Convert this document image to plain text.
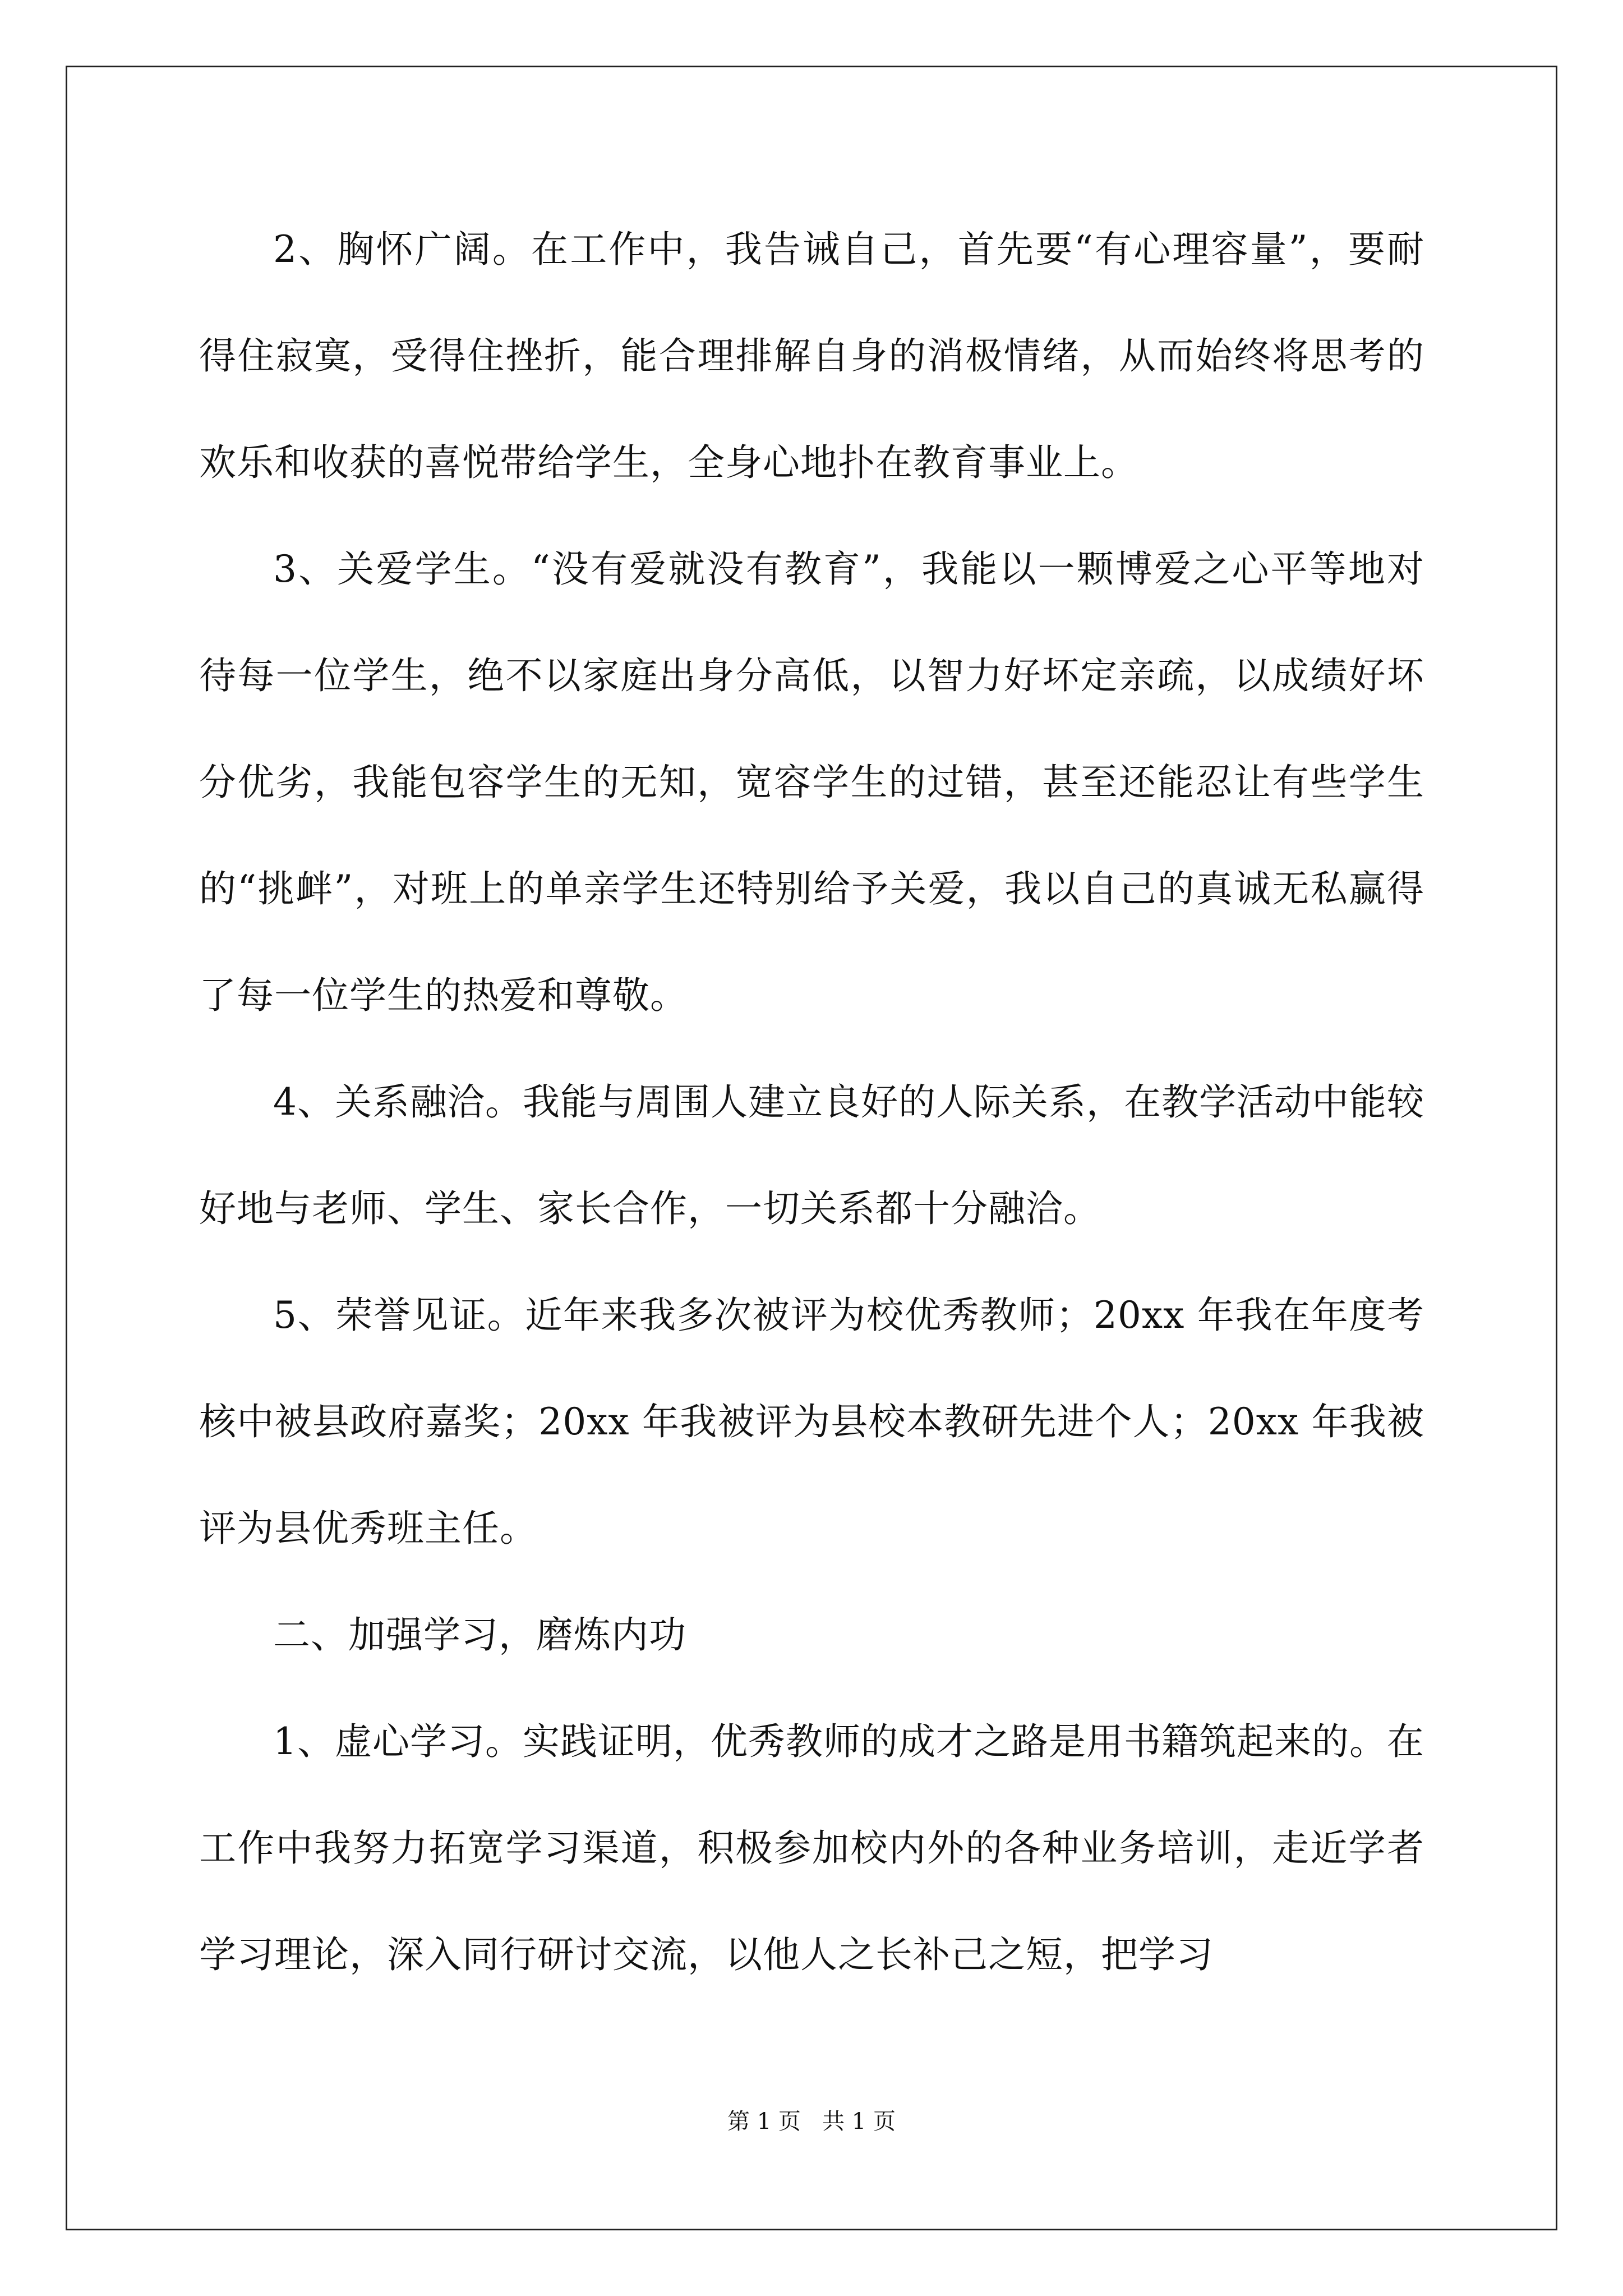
2、胸怀广阔。在工作中，我告诫自己，首先要“有心理容量”，要耐得住寂寞，受得住挫折，能合理排解自身的消极情绪，从而始终将思考的欢乐和收获的喜悦带给学生，全身心地扑在教育事业上。

3、关爱学生。“没有爱就没有教育”，我能以一颗博爱之心平等地对待每一位学生，绝不以家庭出身分高低，以智力好坏定亲疏，以成绩好坏分优劣，我能包容学生的无知，宽容学生的过错，甚至还能忍让有些学生的“挑衅”，对班上的单亲学生还特别给予关爱，我以自己的真诚无私赢得了每一位学生的热爱和尊敬。

4、关系融洽。我能与周围人建立良好的人际关系，在教学活动中能较好地与老师、学生、家长合作，一切关系都十分融洽。

5、荣誉见证。近年来我多次被评为校优秀教师；20xx 年我在年度考核中被县政府嘉奖；20xx 年我被评为县校本教研先进个人；20xx 年我被评为县优秀班主任。

二、加强学习，磨炼内功

1、虚心学习。实践证明，优秀教师的成才之路是用书籍筑起来的。在工作中我努力拓宽学习渠道，积极参加校内外的各种业务培训，走近学者学习理论，深入同行研讨交流，以他人之长补己之短，把学习

第 1 页   共 1 页
